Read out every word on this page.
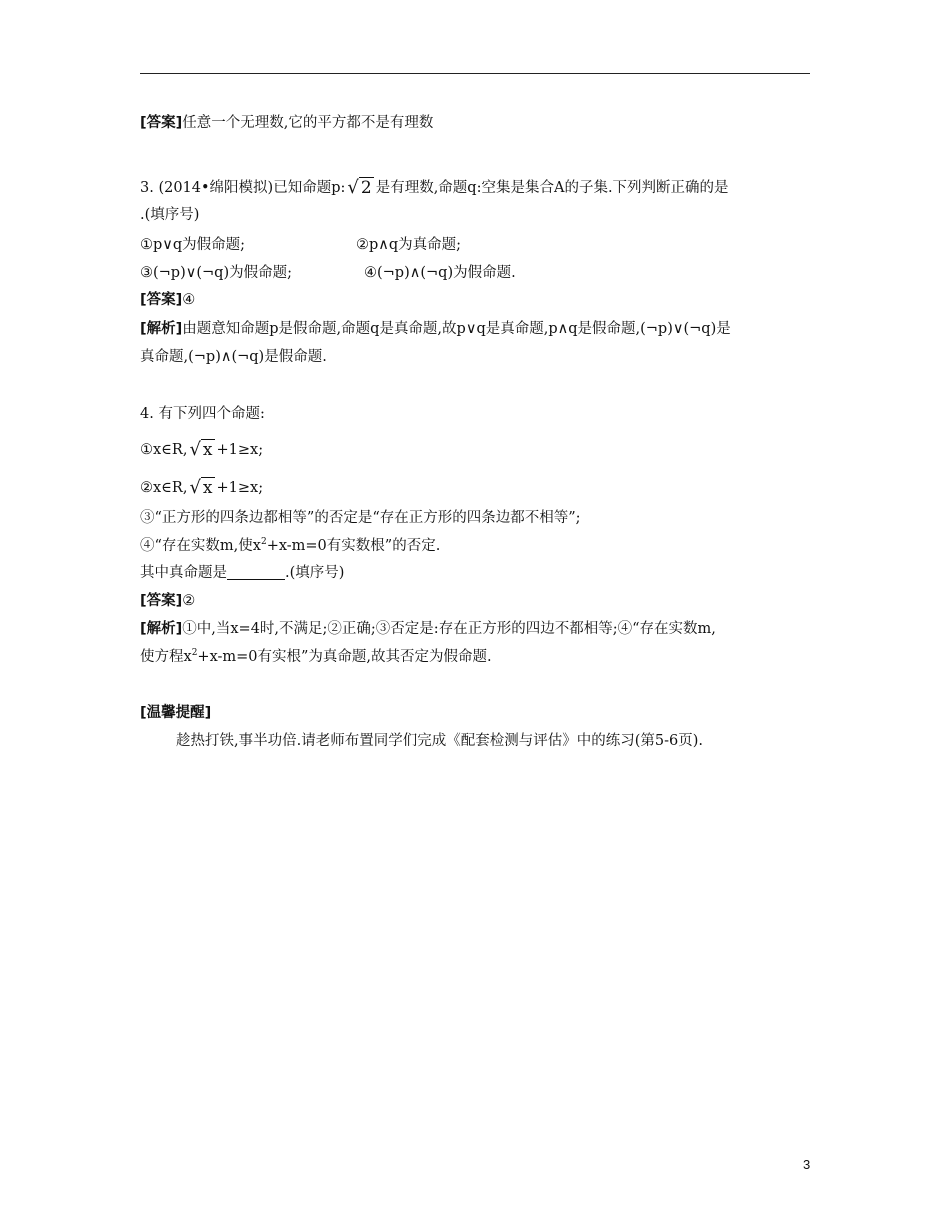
[答案]任意一个无理数,它的平方都不是有理数
3. (2014•绵阳模拟)已知命题p: √ 2 是有理数,命题q:空集是集合A的子集.下列判断正确的是
.(填序号)
①p∨q为假命题;	②p∧q为真命题;
③(¬p)∨(¬q)为假命题;	④(¬p)∧(¬q)为假命题.
[答案]④
[解析]由题意知命题p是假命题,命题q是真命题,故p∨q是真命题,p∧q是假命题,(¬p)∨(¬q)是
真命题,(¬p)∧(¬q)是假命题.
4. 有下列四个命题:
①x∈R, √ x +1≥x;
②x∈R, √ x +1≥x;
③“正方形的四条边都相等”的否定是“存在正方形的四条边都不相等”;
④“存在实数m,使$x^2+x-m=0$有实数根”的否定.
其中真命题是	.(填序号)
[答案]②
[解析]①中,当x=4时,不满足;②正确;③否定是:存在正方形的四边不都相等;④“存在实数m,
使方程$x^2+x-m=0$有实根”为真命题,故其否定为假命题.
[温馨提醒]
趁热打铁,事半功倍.请老师布置同学们完成《配套检测与评估》中的练习(第5-6页).
3
